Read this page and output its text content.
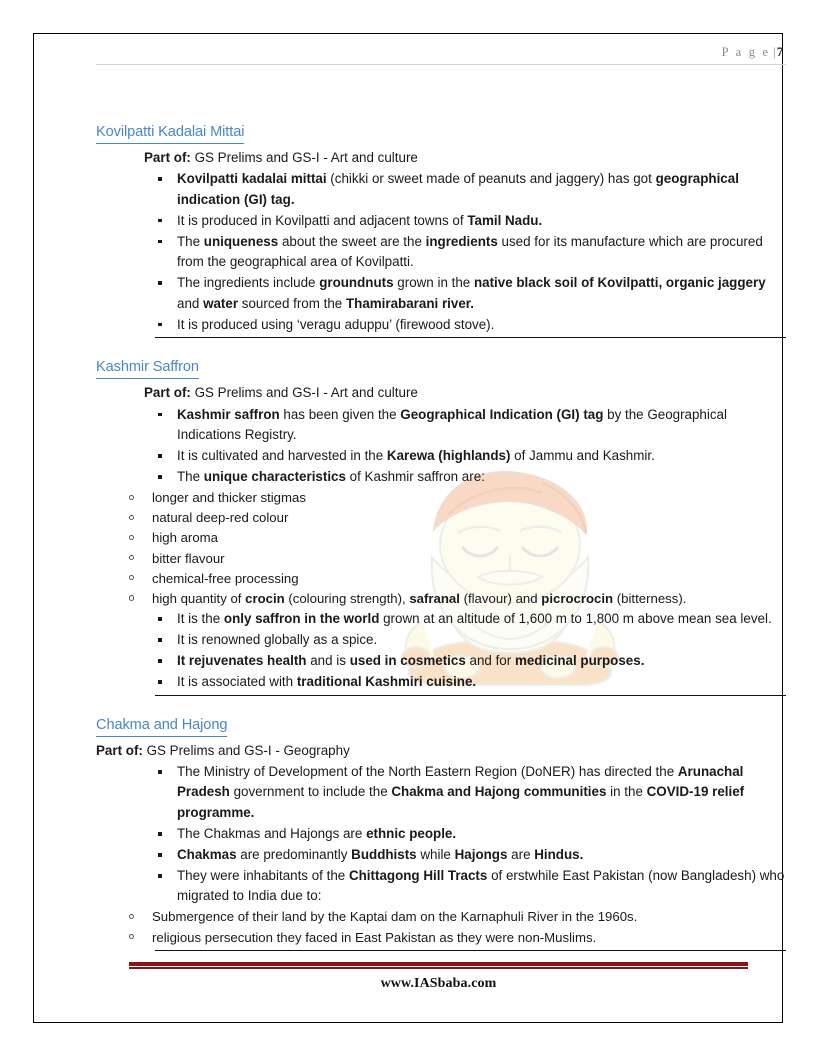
P a g e |7
Kovilpatti Kadalai Mittai
Part of: GS Prelims and GS-I - Art and culture
Kovilpatti kadalai mittai (chikki or sweet made of peanuts and jaggery) has got geographical indication (GI) tag.
It is produced in Kovilpatti and adjacent towns of Tamil Nadu.
The uniqueness about the sweet are the ingredients used for its manufacture which are procured from the geographical area of Kovilpatti.
The ingredients include groundnuts grown in the native black soil of Kovilpatti, organic jaggery and water sourced from the Thamirabarani river.
It is produced using ‘veragu aduppu’ (firewood stove).
Kashmir Saffron
Part of: GS Prelims and GS-I - Art and culture
Kashmir saffron has been given the Geographical Indication (GI) tag by the Geographical Indications Registry.
It is cultivated and harvested in the Karewa (highlands) of Jammu and Kashmir.
The unique characteristics of Kashmir saffron are:
longer and thicker stigmas
natural deep-red colour
high aroma
bitter flavour
chemical-free processing
high quantity of crocin (colouring strength), safranal (flavour) and picrocrocin (bitterness).
It is the only saffron in the world grown at an altitude of 1,600 m to 1,800 m above mean sea level.
It is renowned globally as a spice.
It rejuvenates health and is used in cosmetics and for medicinal purposes.
It is associated with traditional Kashmiri cuisine.
Chakma and Hajong
Part of: GS Prelims and GS-I - Geography
The Ministry of Development of the North Eastern Region (DoNER) has directed the Arunachal Pradesh government to include the Chakma and Hajong communities in the COVID-19 relief programme.
The Chakmas and Hajongs are ethnic people.
Chakmas are predominantly Buddhists while Hajongs are Hindus.
They were inhabitants of the Chittagong Hill Tracts of erstwhile East Pakistan (now Bangladesh) who migrated to India due to:
Submergence of their land by the Kaptai dam on the Karnaphuli River in the 1960s.
religious persecution they faced in East Pakistan as they were non-Muslims.
www.IASbaba.com
